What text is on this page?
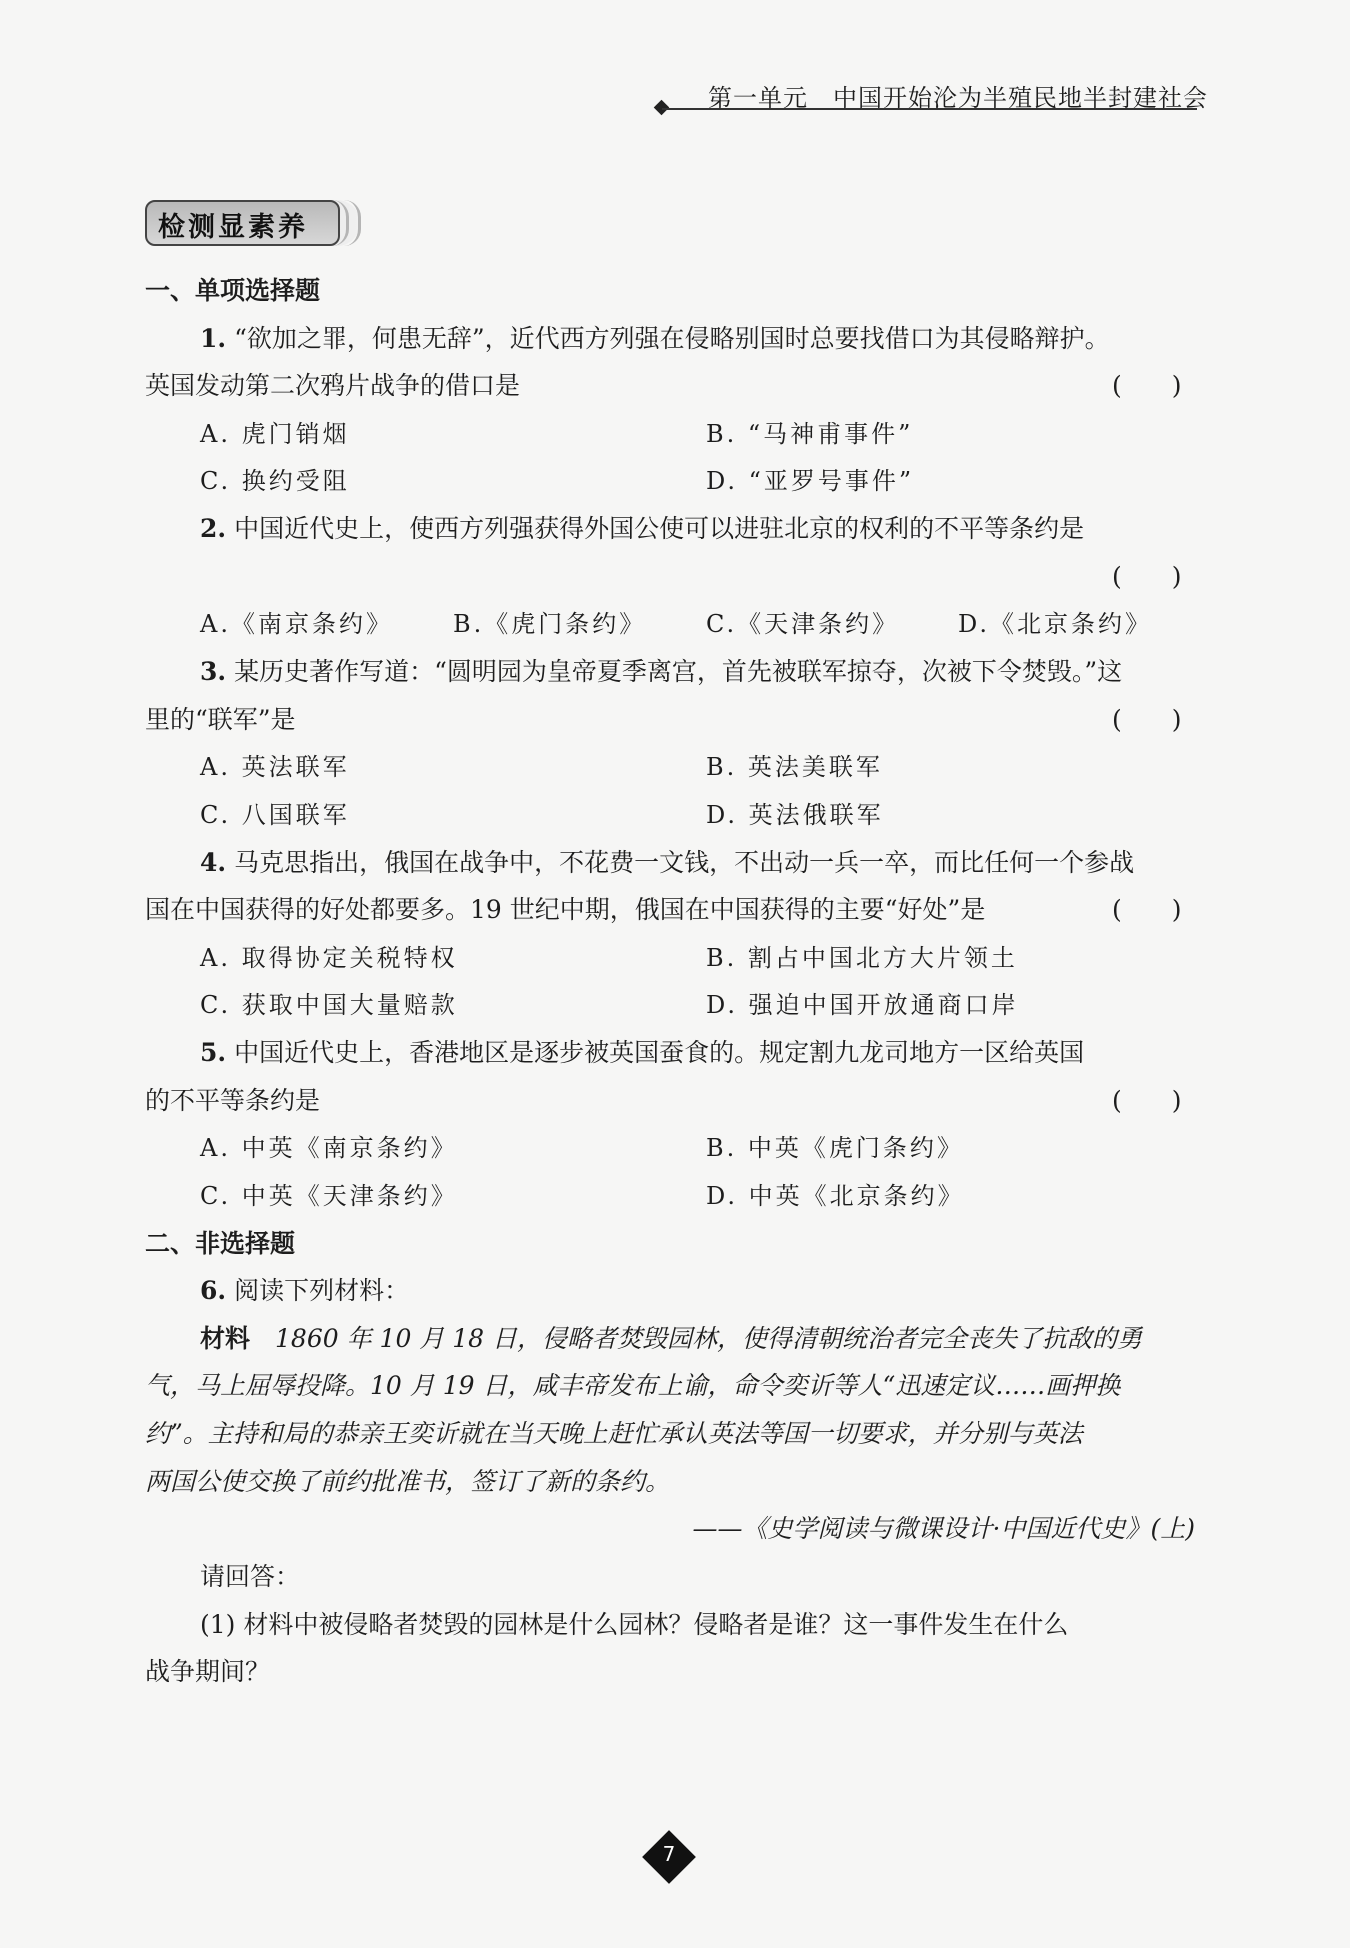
第一单元　中国开始沦为半殖民地半封建社会
检测显素养
一、单项选择题
1. “欲加之罪，何患无辞”，近代西方列强在侵略别国时总要找借口为其侵略辩护。
英国发动第二次鸦片战争的借口是	(　　)
A. 虎门销烟	B. “马神甫事件”
C. 换约受阻	D. “亚罗号事件”
2. 中国近代史上，使西方列强获得外国公使可以进驻北京的权利的不平等条约是
(　　)
A.《南京条约》	B.《虎门条约》 C.《天津条约》 D.《北京条约》
3. 某历史著作写道：“圆明园为皇帝夏季离宫，首先被联军掠夺，次被下令焚毁。”这
里的“联军”是	(　　)
A. 英法联军	B. 英法美联军
C. 八国联军	D. 英法俄联军
4. 马克思指出，俄国在战争中，不花费一文钱，不出动一兵一卒，而比任何一个参战
国在中国获得的好处都要多。19 世纪中期，俄国在中国获得的主要“好处”是	(　　)
A. 取得协定关税特权	B. 割占中国北方大片领土
C. 获取中国大量赔款	D. 强迫中国开放通商口岸
5. 中国近代史上，香港地区是逐步被英国蚕食的。规定割九龙司地方一区给英国
的不平等条约是	(　　)
A. 中英《南京条约》	B. 中英《虎门条约》
C. 中英《天津条约》	D. 中英《北京条约》
二、非选择题
6. 阅读下列材料：
材料　 1860 年 10 月 18 日，侵略者焚毁园林，使得清朝统治者完全丧失了抗敌的勇
气，马上屈辱投降。10 月 19 日，咸丰帝发布上谕，命令奕䜣等人“迅速定议……画押换
约”。主持和局的恭亲王奕䜣就在当天晚上赶忙承认英法等国一切要求，并分别与英法
两国公使交换了前约批准书，签订了新的条约。
——《史学阅读与微课设计·中国近代史》(上)
请回答：
(1) 材料中被侵略者焚毁的园林是什么园林？侵略者是谁？这一事件发生在什么
战争期间？
7
